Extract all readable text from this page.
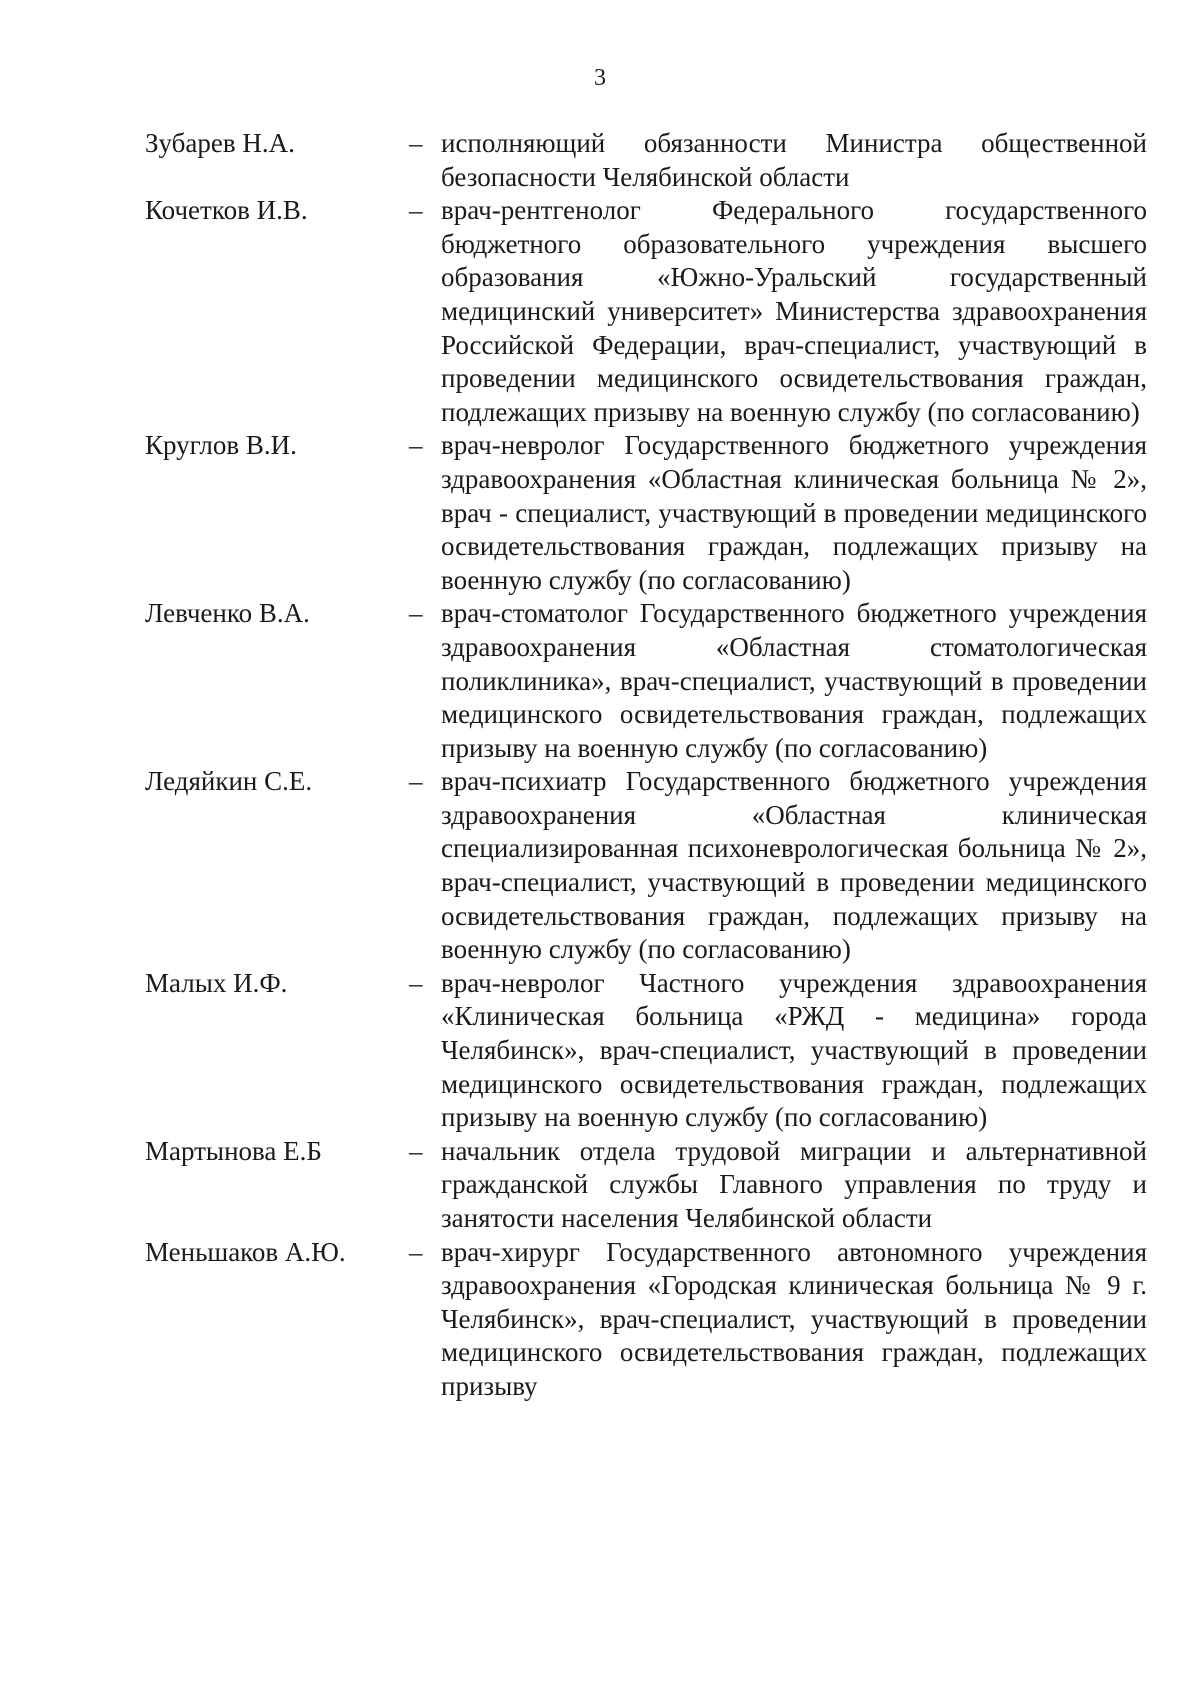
3
Зубарев Н.А.	– исполняющий обязанности Министра общественной безопасности Челябинской области
Кочетков И.В.	– врач-рентгенолог Федерального государственного бюджетного образовательного учреждения высшего образования «Южно-Уральский государственный медицинский университет» Министерства здравоохранения Российской Федерации, врач-специалист, участвующий в проведении медицинского освидетельствования граждан, подлежащих призыву на военную службу (по согласованию)
Круглов В.И.	– врач-невролог Государственного бюджетного учреждения здравоохранения «Областная клиническая больница № 2», врач - специалист, участвующий в проведении медицинского освидетельствования граждан, подлежащих призыву на военную службу (по согласованию)
Левченко В.А.	– врач-стоматолог Государственного бюджетного учреждения здравоохранения «Областная стоматологическая поликлиника», врач-специалист, участвующий в проведении медицинского освидетельствования граждан, подлежащих призыву на военную службу (по согласованию)
Ледяйкин С.Е.	– врач-психиатр Государственного бюджетного учреждения здравоохранения «Областная клиническая специализированная психоневрологическая больница № 2», врач-специалист, участвующий в проведении медицинского освидетельствования граждан, подлежащих призыву на военную службу (по согласованию)
Малых И.Ф.	– врач-невролог Частного учреждения здравоохранения «Клиническая больница «РЖД - медицина» города Челябинск», врач-специалист, участвующий в проведении медицинского освидетельствования граждан, подлежащих призыву на военную службу (по согласованию)
Мартынова Е.Б	– начальник отдела трудовой миграции и альтернативной гражданской службы Главного управления по труду и занятости населения Челябинской области
Меньшаков А.Ю.	– врач-хирург Государственного автономного учреждения здравоохранения «Городская клиническая больница № 9 г. Челябинск», врач-специалист, участвующий в проведении медицинского освидетельствования граждан, подлежащих призыву
